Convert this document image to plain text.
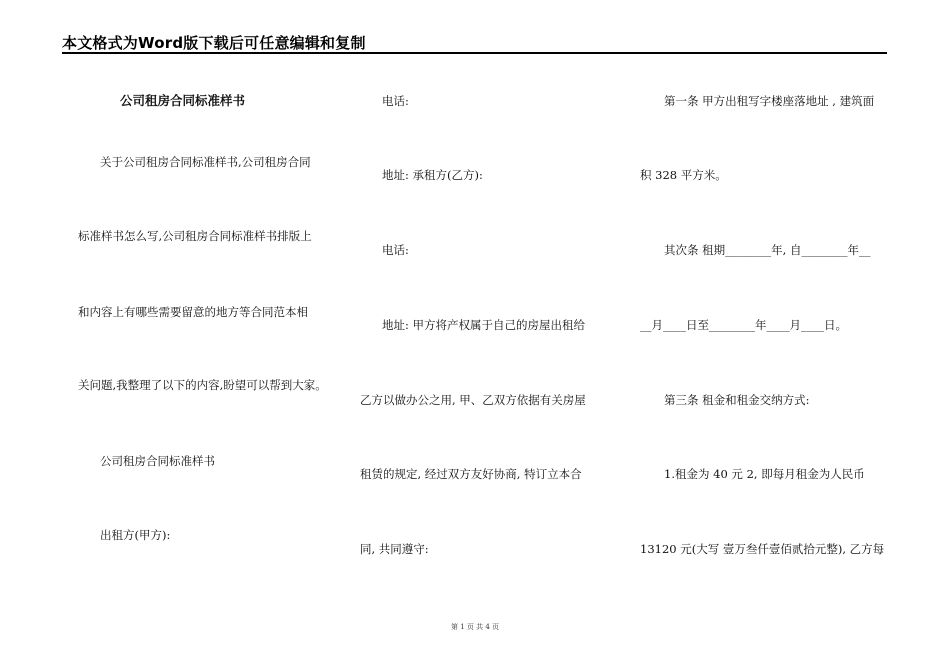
本文格式为Word版下载后可任意编辑和复制
公司租房合同标准样书
关于公司租房合同标准样书,公司租房合同
标准样书怎么写,公司租房合同标准样书排版上
和内容上有哪些需要留意的地方等合同范本相
关问题,我整理了以下的内容,盼望可以帮到大家。
公司租房合同标准样书
出租方(甲方):
电话:
地址: 承租方(乙方):
电话:
地址: 甲方将产权属于自己的房屋出租给
乙方以做办公之用, 甲、乙双方依据有关房屋
租赁的规定, 经过双方友好协商, 特订立本合
同, 共同遵守:
第一条 甲方出租写字楼座落地址 , 建筑面
积 328 平方米。
其次条 租期________年, 自________年__
__月____日至________年____月____日。
第三条 租金和租金交纳方式:
1.租金为 40 元 2, 即每月租金为人民币
13120 元(大写 壹万叁仟壹佰贰拾元整), 乙方每
第 1 页 共 4 页
